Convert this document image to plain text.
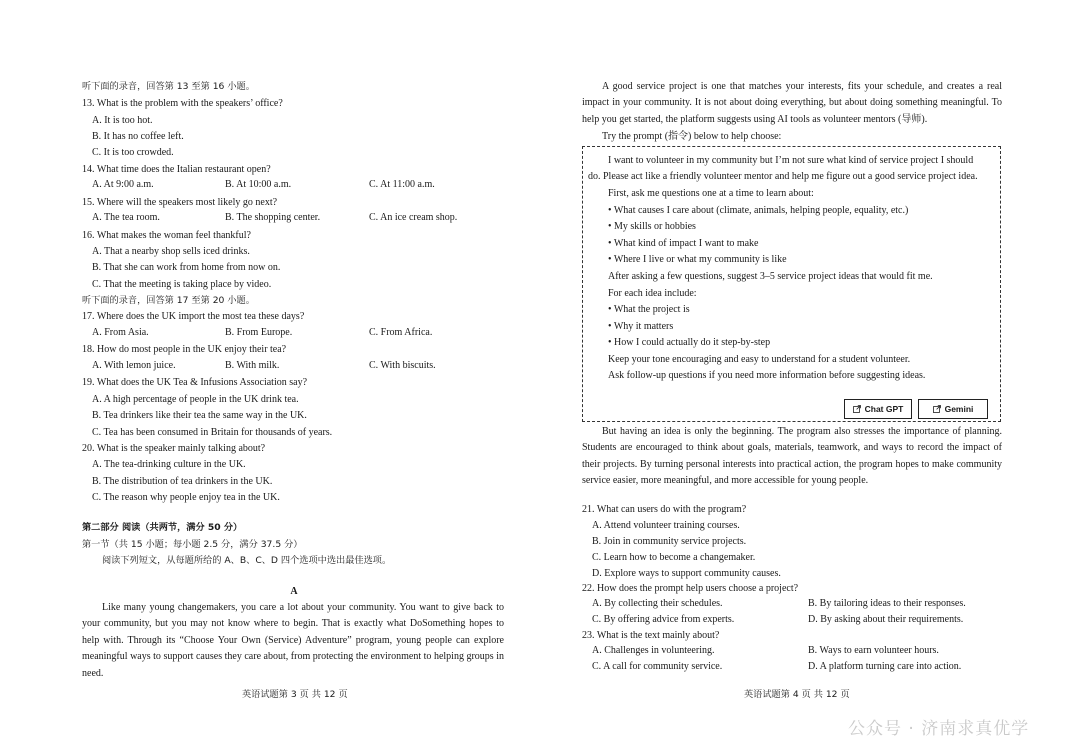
听下面的录音，回答第 13 至第 16 小题。
13. What is the problem with the speakers’ office?
A. It is too hot.
B. It has no coffee left.
C. It is too crowded.
14. What time does the Italian restaurant open?
A. At 9:00 a.m.	B. At 10:00 a.m.	C. At 11:00 a.m.
15. Where will the speakers most likely go next?
A. The tea room.	B. The shopping center.	C. An ice cream shop.
16. What makes the woman feel thankful?
A. That a nearby shop sells iced drinks.
B. That she can work from home from now on.
C. That the meeting is taking place by video.
听下面的录音，回答第 17 至第 20 小题。
17. Where does the UK import the most tea these days?
A. From Asia.	B. From Europe.	C. From Africa.
18. How do most people in the UK enjoy their tea?
A. With lemon juice.	B. With milk.	C. With biscuits.
19. What does the UK Tea & Infusions Association say?
A. A high percentage of people in the UK drink tea.
B. Tea drinkers like their tea the same way in the UK.
C. Tea has been consumed in Britain for thousands of years.
20. What is the speaker mainly talking about?
A. The tea-drinking culture in the UK.
B. The distribution of tea drinkers in the UK.
C. The reason why people enjoy tea in the UK.
第二部分 阅读（共两节，满分 50 分）
第一节（共 15 小题；每小题 2.5 分，满分 37.5 分）
阅读下列短文，从每题所给的 A、B、C、D 四个选项中选出最佳选项。
A
Like many young changemakers, you care a lot about your community. You want to give back to your community, but you may not know where to begin. That is exactly what DoSomething hopes to help with. Through its “Choose Your Own (Service) Adventure” program, young people can explore meaningful ways to support causes they care about, from protecting the environment to helping groups in need.
英语试题第 3 页 共 12 页
A good service project is one that matches your interests, fits your schedule, and creates a real impact in your community. It is not about doing everything, but about doing something meaningful. To help you get started, the platform suggests using AI tools as volunteer mentors (导师).
Try the prompt (指令) below to help choose:
I want to volunteer in my community but I’m not sure what kind of service project I should
do. Please act like a friendly volunteer mentor and help me figure out a good service project idea.
First, ask me questions one at a time to learn about:
• What causes I care about (climate, animals, helping people, equality, etc.)
• My skills or hobbies
• What kind of impact I want to make
• Where I live or what my community is like
After asking a few questions, suggest 3–5 service project ideas that would fit me.
For each idea include:
• What the project is
• Why it matters
• How I could actually do it step-by-step
Keep your tone encouraging and easy to understand for a student volunteer.
Ask follow-up questions if you need more information before suggesting ideas.
Chat GPT	Gemini
But having an idea is only the beginning. The program also stresses the importance of planning. Students are encouraged to think about goals, materials, teamwork, and ways to record the impact of their projects. By turning personal interests into practical action, the program hopes to make community service easier, more meaningful, and more accessible for young people.
21. What can users do with the program?
A. Attend volunteer training courses.
B. Join in community service projects.
C. Learn how to become a changemaker.
D. Explore ways to support community causes.
22. How does the prompt help users choose a project?
A. By collecting their schedules.	B. By tailoring ideas to their responses.
C. By offering advice from experts.	D. By asking about their requirements.
23. What is the text mainly about?
A. Challenges in volunteering.	B. Ways to earn volunteer hours.
C. A call for community service.	D. A platform turning care into action.
英语试题第 4 页 共 12 页
公众号 · 济南求真优学
